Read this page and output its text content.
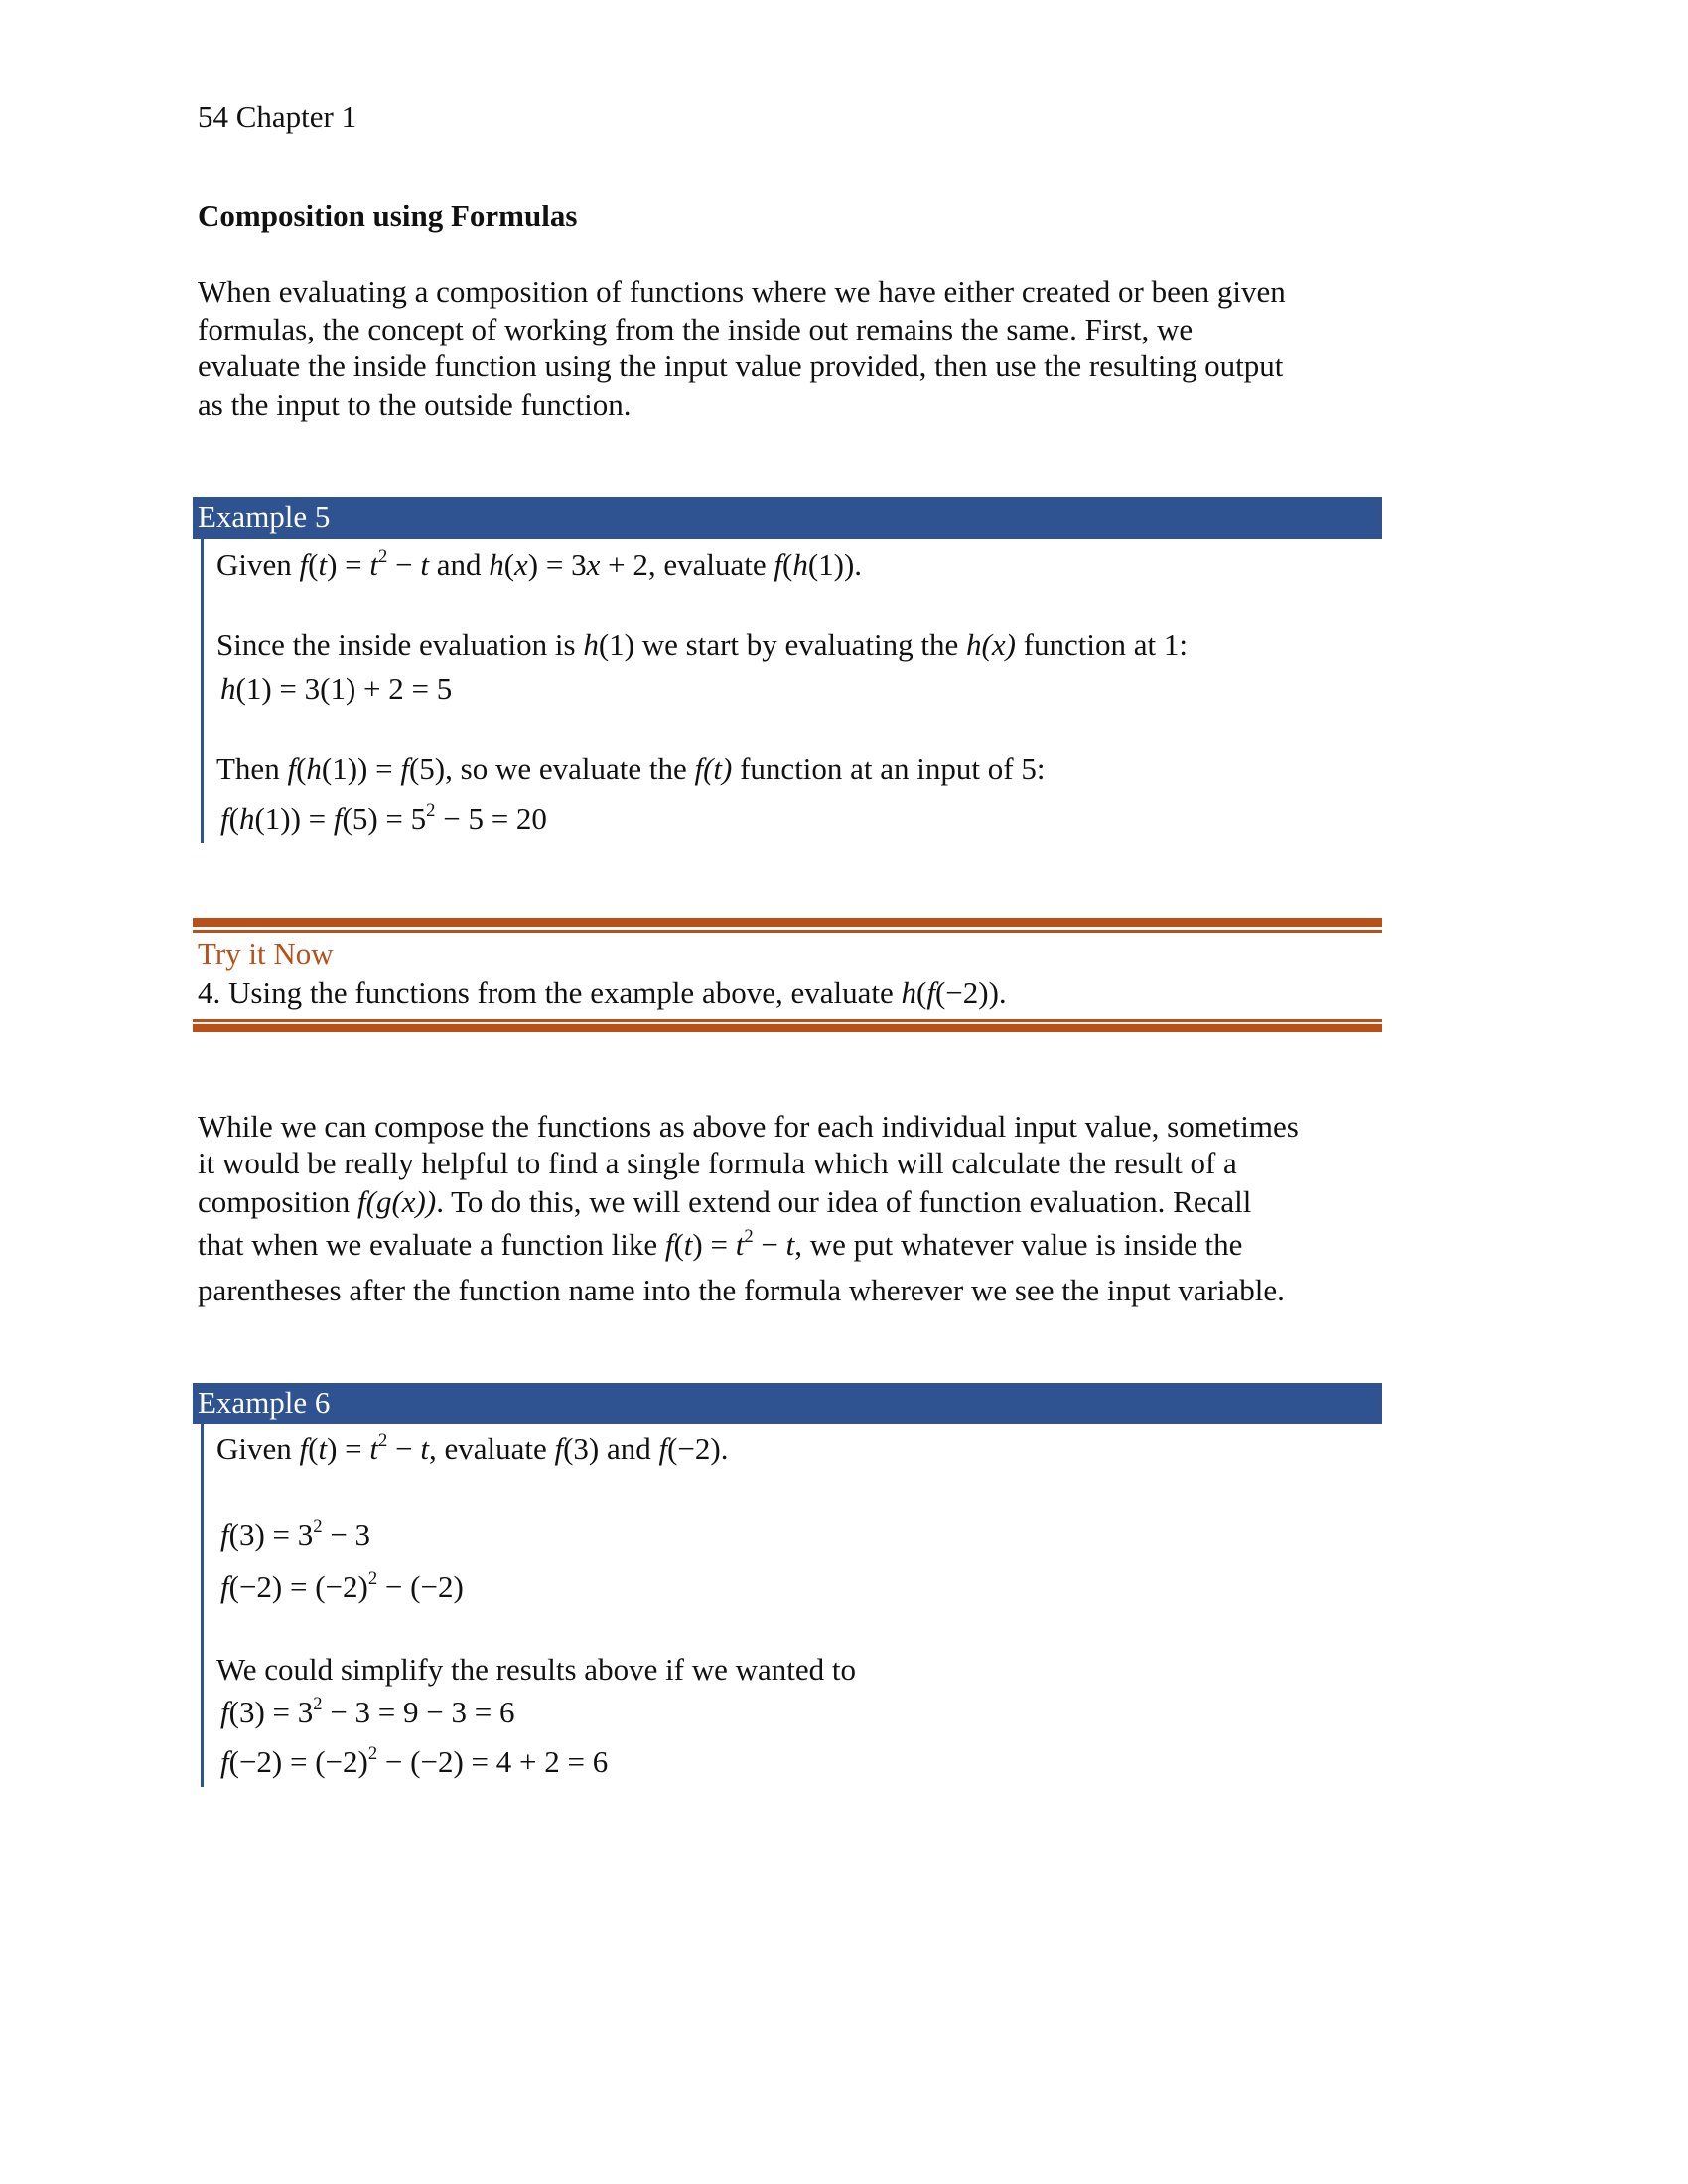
54 Chapter 1
Composition using Formulas
When evaluating a composition of functions where we have either created or been given
formulas, the concept of working from the inside out remains the same. First, we
evaluate the inside function using the input value provided, then use the resulting output
as the input to the outside function.
Example 5
Given $f(t) = t^2 - t$ and h(x) = 3x + 2, evaluate f(h(1)).
Since the inside evaluation is h(1) we start by evaluating the h(x) function at 1:
h(1) = 3(1) + 2 = 5
Then f(h(1)) = f(5), so we evaluate the f(t) function at an input of 5:
$f(h(1)) = f(5) = 5^2 - 5 = 20$
Try it Now
4. Using the functions from the example above, evaluate h(f(−2)).
While we can compose the functions as above for each individual input value, sometimes
it would be really helpful to find a single formula which will calculate the result of a
composition f(g(x)). To do this, we will extend our idea of function evaluation. Recall
that when we evaluate a function like $f(t) = t^2 - t$, we put whatever value is inside the
parentheses after the function name into the formula wherever we see the input variable.
Example 6
Given $f(t) = t^2 - t$, evaluate f(3) and f(−2).
$f(3) = 3^2 - 3$
$f(-2) = (-2)^2 - (-2)$
We could simplify the results above if we wanted to
$f(3) = 3^2 - 3 = 9 - 3 = 6$
$f(-2) = (-2)^2 - (-2) = 4 + 2 = 6$
